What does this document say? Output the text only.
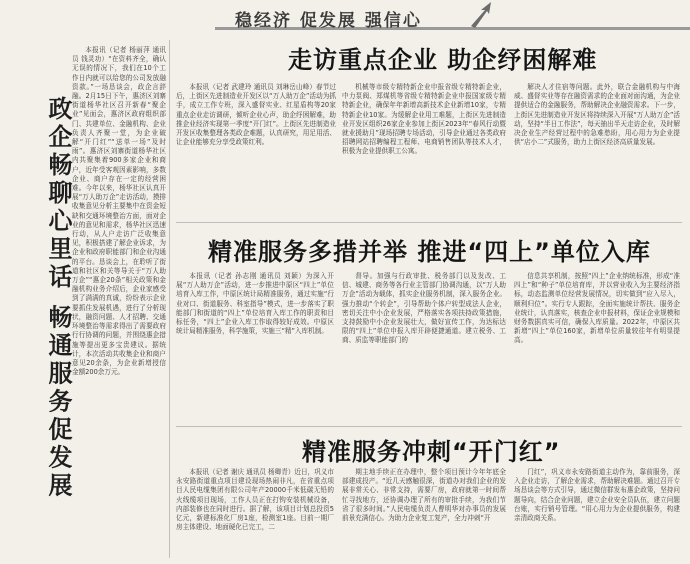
稳经济 促发展 强信心

本报讯（记者 杨丽萍 通讯员 钱灵功）“在资料齐全，确认无误的情况下，我们在10个工作日内就可以给您的公司发放融资款。”一场恳谈会，政企言辞融。2月15日下午，惠济区刘寨街道杨华社区召开新春“聚企业”见面会，惠济区政府组织部门、共建单位、金融机构、企业负责人齐聚一堂，为企业破解“开门红”“送单一场”及时雨”。惠济区刘寨街道杨华社区内共聚集着900多家企业和商户，近年受客观因素影响，多数企业、商户存在一定的经营困难。今年以来，杨华社区认真开展“万人助万企”走访活动，摸排收集意见分析主要集中在资金短缺和交通环境整治方面，面对企业的意见和需求，杨华社区迅速行动，从人户走访广泛收集意见，积极搭建了解企业诉求，为企业和政府职能部门和企业沟通的平台。恳谈会上，在聆听了街道和社区和关等导关于“万人助万企”“惠企20条”相关政策和金融机构业务介绍后，企业家感受到了满满的真诚，纷纷表示企业要抓住发展机遇，进行了分析现状，融资问题、人才招聘、交通环境整治等需求得出了需要政府行行协调的问题，并围绕惠企措施等提出更多宝贵建议。据统计，本次活动共收集企业和商户意见20余条，为企业新增授信金额200余万元。

政企畅聊心里话 畅通服务促发展
走访重点企业 助企纾困解难

本报讯（记者 武建玲 通讯员 刘琳岳山峰）春节过后，上街区先进制造业开发区以“万人助万企”活动为抓手，成立工作专班，深入盛督实业、红星盾构等20家重点企业走访调研，倾听企业心声，助企纾困解难，助推企业经济实现第一季度“开门红”。上街区先进制造业开发区收集整理各类政企难题，认真研究，用足用活、让企业能够充分享受政策红利。

机械等市级专精特新企业申报省级专精特新企业，中力泵阀、郑煤机等省级专精特新企业申报国家级专精特新企业，确保年年新增高新技术企业新增10家，专精特新企业10家。为缓解企业用工难题，上街区先进制造业开发区组织26家企业参加上街区2023年“春风行动暨就业援助月”现场招聘专场活动，引导企业通过各类政府招聘网站招聘编程工程师、电商销售团队等技术人才，积极为企业提供职工公寓。

解决人才住宿等问题。此外，联合金融机构与中海威、盛督实业等存在融资需求的企业面对面沟通，为企业提供适合的金融服务，帮助解决企业融资需求。下一步，上街区先进制造业开发区将持续深入开展“万人助万企”活动，坚持“半日工作法”，每天抽出半天走访企业，及时解决企业生产经营过程中的急难愁盼，用心用力为企业提供“店小二”式服务，助力上街区经济高质量发展。

精准服务多措并举 推进“四上”单位入库

本报讯（记者 孙志刚 通讯员 刘颖）为深入开展“万人助万企”活动，进一步推进中原区“四上”单位培育入库工作，中原区统计局精准服务，通过实施“行业对口、街道服务、科室指导”模式，进一步落实了职能部门和街道的“四上”单位培育入库工作的职责和目标任务，“四上”企业入库工作取得较好成效。中原区统计局精准服务，科学施策，实施三“精”入库机制。

督导。加强与行政审批、税务部门以及发改、工信、城建、商务等各行业主管部门协调沟通，以“万人助万企”活动为载体，抓实企业服务机制，深入服务企业。强力推动“个转企”，引导帮助个体户转型成法人企业，密切关注中小企业发展，严格落实各项扶持政策措施，支持鼓励中小企业发展壮大，做好宣传工作，为达标达限的“四上”单位申报入库开辟便捷通道。建立税务、工商、质监等职能部门的

信息共享机制，按照“四上”企业纳统标准，形成“准四上”和“种子”单位培育库，并以营业收入为主要经济指标，动态监测单位经营发展情况，切实做到“应入尽入，顺利归位”。实行专人跟踪，全面实施统计帮扶、服务企业统计，认真落实，核查企业申报材料，保证企业规模和财务数据真实可信，确保入库质量。2022年，中原区共新增“四上”单位160家，新增单位质量较往年有明显提高。

精准服务冲刺“开门红”

本报讯（记者 谢庆 通讯员 杨卿青）近日，巩义市永安路街道重点项目建设现场热闹非凡，在省重点项目人民电缆集团有限公司年产20000千米低碳无铅的火线缆项目现场，工作人员正在打钩安装机械设备，内部装修也在同时进行。据了解，该项目计划总投资5亿元，新建标准化厂房1座，检测室1座。目前一期厂房主体建设、地面硬化已完工，二

期主地手续正在办理中，整个项目预计今年年底全部建成投产。“近几天感触很深，街道办对我们企业的发展非常关心、非常支持，需要厂房，政府就第一时间帮忙寻找地方，还协调办理了所有的审批手续，为我们节省了很多时间。”人民电缆负责人曹明华对办事员的发展前景充满信心。为助力企业复工复产，全力冲刺“开

门红”，巩义市永安路街道主动作为，靠前服务，深入企业走访，了解企业需求，帮助解决难题。通过召开专场恳谈会等方式引导，通过微信群发布惠企政策，坚持问题导向，结合企业问题，建立企业安全员队伍，建立问题台账，实行销号管理。“用心用力为企业提供服务，构建亲清政商关系。
